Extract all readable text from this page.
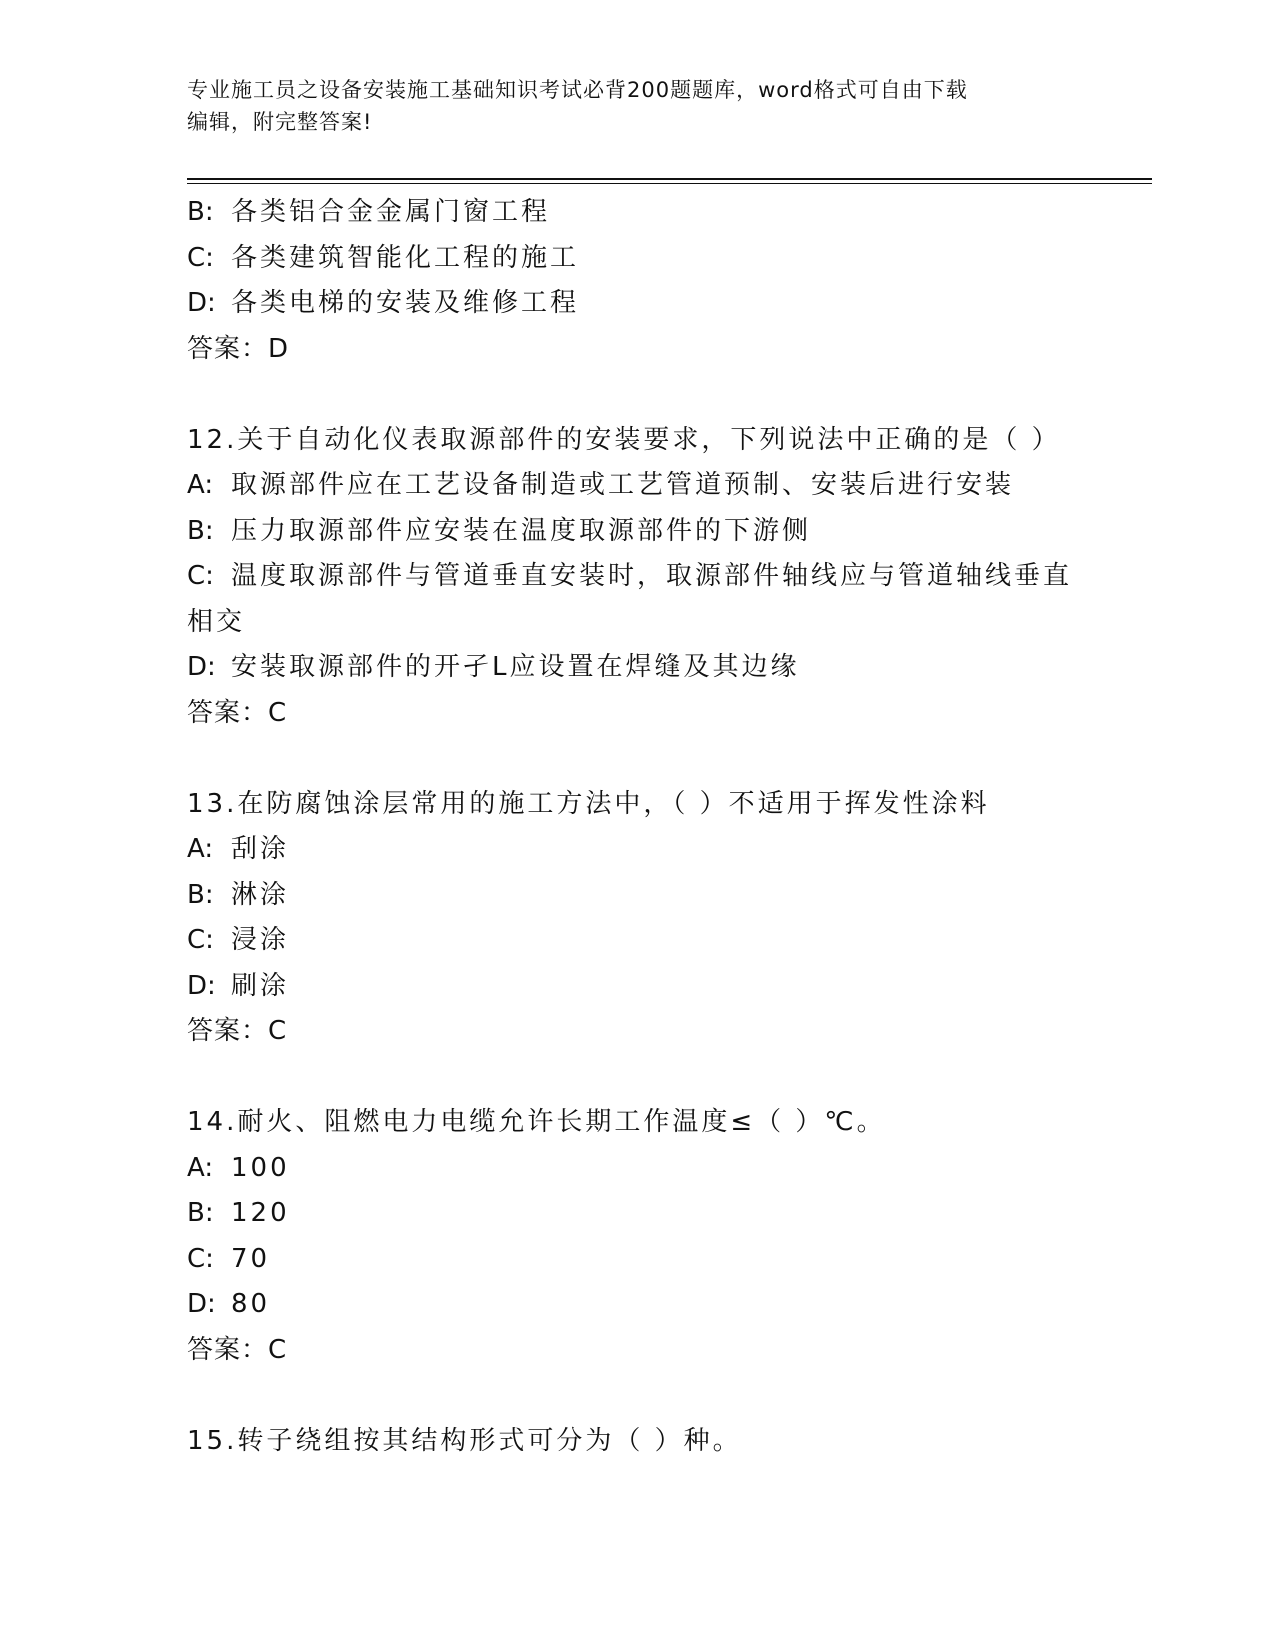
专业施工员之设备安装施工基础知识考试必背200题题库，word格式可自由下载
编辑，附完整答案!
B: 各类铝合金金属门窗工程
C: 各类建筑智能化工程的施工
D: 各类电梯的安装及维修工程
答案：D
12.关于自动化仪表取源部件的安装要求，下列说法中正确的是（ ）
A: 取源部件应在工艺设备制造或工艺管道预制、安装后进行安装
B: 压力取源部件应安装在温度取源部件的下游侧
C: 温度取源部件与管道垂直安装时，取源部件轴线应与管道轴线垂直
相交
D: 安装取源部件的开孑L应设置在焊缝及其边缘
答案：C
13.在防腐蚀涂层常用的施工方法中，（ ）不适用于挥发性涂料
A: 刮涂
B: 淋涂
C: 浸涂
D: 刷涂
答案：C
14.耐火、阻燃电力电缆允许长期工作温度≤（ ）℃。
A: 100
B: 120
C: 70
D: 80
答案：C
15.转子绕组按其结构形式可分为（ ）种。
